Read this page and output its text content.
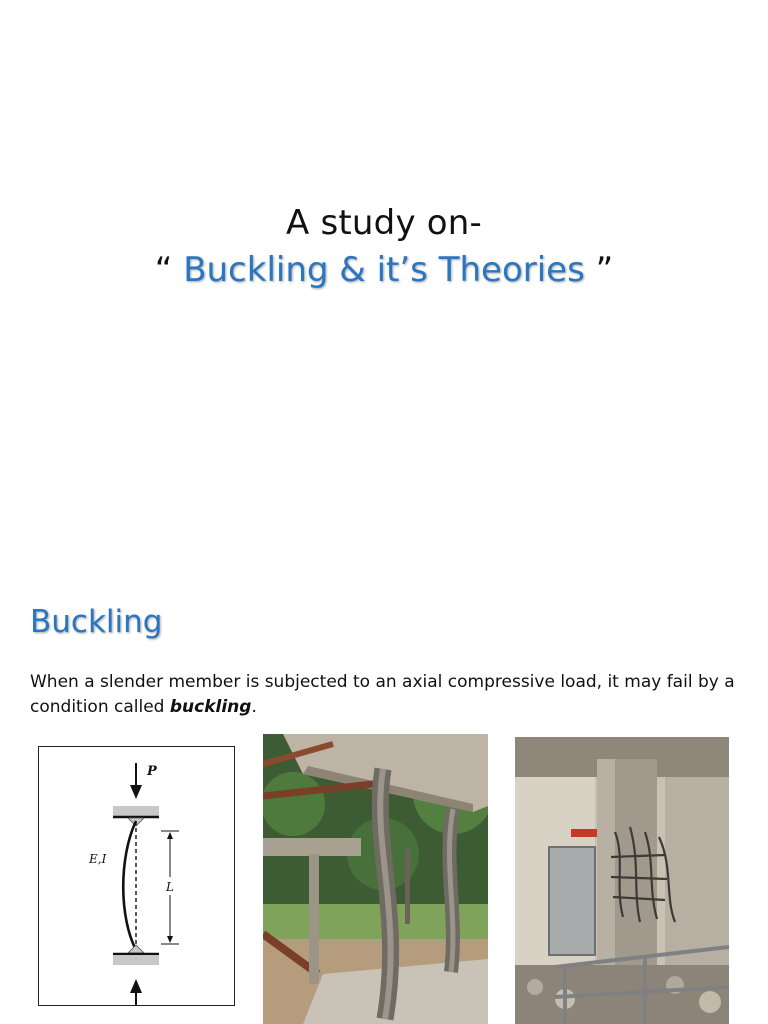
A study on-
“ Buckling & it’s Theories ”
Buckling
When a slender member is subjected to an axial compressive load, it may fail by a condition called buckling.
P
E,I
L
